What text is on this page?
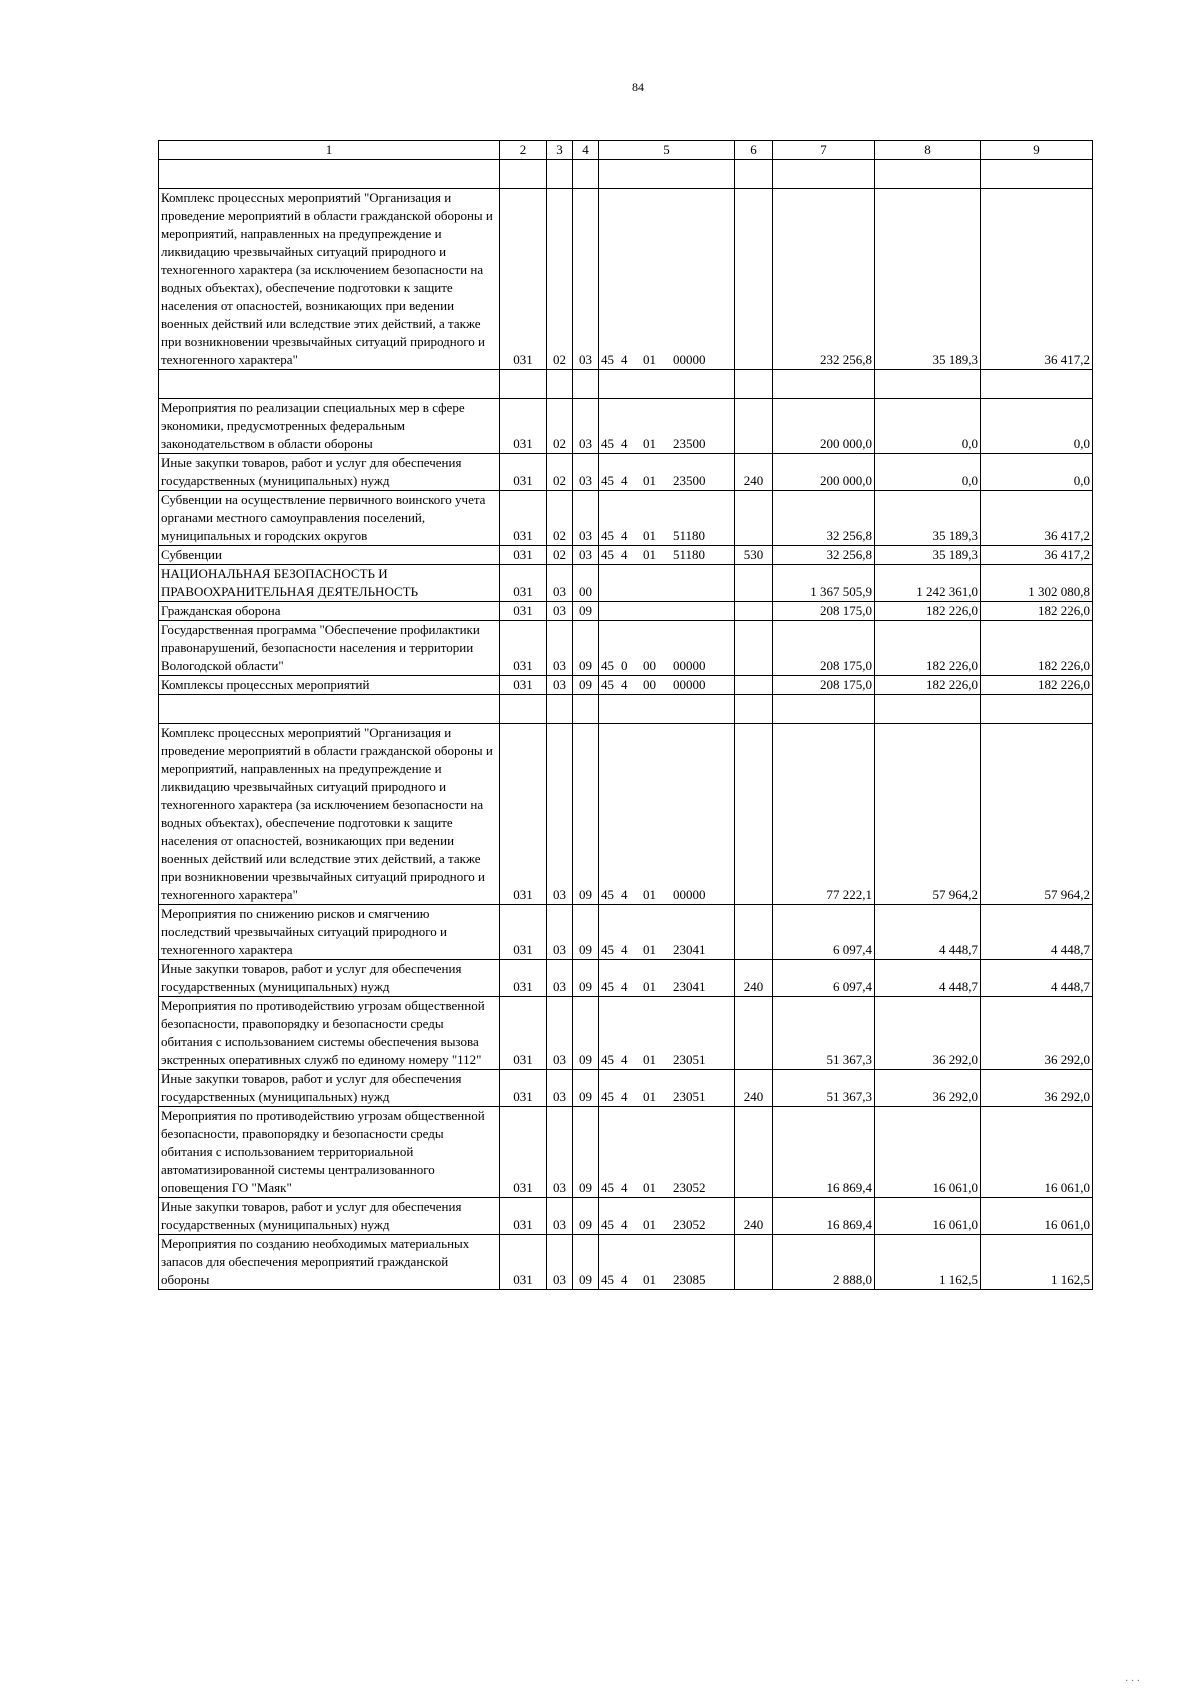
84
1	2	3	4	5	6	7	8	9

Комплекс процессных мероприятий "Организация и проведение мероприятий в области гражданской обороны и мероприятий, направленных на предупреждение и ликвидацию чрезвычайных ситуаций природного и техногенного характера (за исключением безопасности на водных объектах), обеспечение подготовки к защите населения от опасностей, возникающих при ведении военных действий или вследствие этих действий, а также при возникновении чрезвычайных ситуаций природного и техногенного характера"	031	02	03	45 4 01 00000		232 256,8	35 189,3	36 417,2

Мероприятия по реализации специальных мер в сфере экономики, предусмотренных федеральным законодательством в области обороны	031	02	03	45 4 01 23500		200 000,0	0,0	0,0
Иные закупки товаров, работ и услуг для обеспечения государственных (муниципальных) нужд	031	02	03	45 4 01 23500	240	200 000,0	0,0	0,0
Субвенции на осуществление первичного воинского учета органами местного самоуправления поселений, муниципальных и городских округов	031	02	03	45 4 01 51180		32 256,8	35 189,3	36 417,2
Субвенции	031	02	03	45 4 01 51180	530	32 256,8	35 189,3	36 417,2
НАЦИОНАЛЬНАЯ БЕЗОПАСНОСТЬ И ПРАВООХРАНИТЕЛЬНАЯ ДЕЯТЕЛЬНОСТЬ	031	03	00			1 367 505,9	1 242 361,0	1 302 080,8
Гражданская оборона	031	03	09			208 175,0	182 226,0	182 226,0
Государственная программа "Обеспечение профилактики правонарушений, безопасности населения и территории Вологодской области"	031	03	09	45 0 00 00000		208 175,0	182 226,0	182 226,0
Комплексы процессных мероприятий	031	03	09	45 4 00 00000		208 175,0	182 226,0	182 226,0

Комплекс процессных мероприятий "Организация и проведение мероприятий в области гражданской обороны и мероприятий, направленных на предупреждение и ликвидацию чрезвычайных ситуаций природного и техногенного характера (за исключением безопасности на водных объектах), обеспечение подготовки к защите населения от опасностей, возникающих при ведении военных действий или вследствие этих действий, а также при возникновении чрезвычайных ситуаций природного и техногенного характера"	031	03	09	45 4 01 00000		77 222,1	57 964,2	57 964,2
Мероприятия по снижению рисков и смягчению последствий чрезвычайных ситуаций природного и техногенного характера	031	03	09	45 4 01 23041		6 097,4	4 448,7	4 448,7
Иные закупки товаров, работ и услуг для обеспечения государственных (муниципальных) нужд	031	03	09	45 4 01 23041	240	6 097,4	4 448,7	4 448,7
Мероприятия по противодействию угрозам общественной безопасности, правопорядку и безопасности среды обитания с использованием системы обеспечения вызова экстренных оперативных служб по единому номеру "112"	031	03	09	45 4 01 23051		51 367,3	36 292,0	36 292,0
Иные закупки товаров, работ и услуг для обеспечения государственных (муниципальных) нужд	031	03	09	45 4 01 23051	240	51 367,3	36 292,0	36 292,0
Мероприятия по противодействию угрозам общественной безопасности, правопорядку и безопасности среды обитания с использованием территориальной автоматизированной системы централизованного оповещения ГО "Маяк"	031	03	09	45 4 01 23052		16 869,4	16 061,0	16 061,0
Иные закупки товаров, работ и услуг для обеспечения государственных (муниципальных) нужд	031	03	09	45 4 01 23052	240	16 869,4	16 061,0	16 061,0
Мероприятия по созданию необходимых материальных запасов для обеспечения мероприятий гражданской обороны	031	03	09	45 4 01 23085		2 888,0	1 162,5	1 162,5
· · ·
